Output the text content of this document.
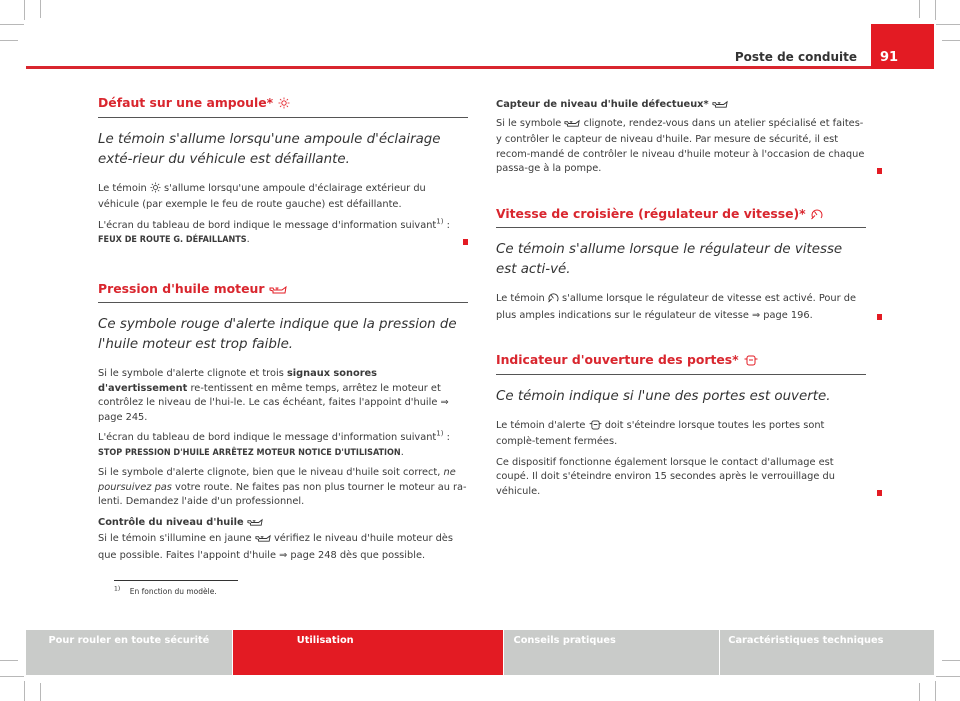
Poste de conduite	91
Défaut sur une ampoule*
Le témoin s'allume lorsqu'une ampoule d'éclairage exté-rieur du véhicule est défaillante.

Le témoin s'allume lorsqu'une ampoule d'éclairage extérieur du véhicule (par exemple le feu de route gauche) est défaillante.

L'écran du tableau de bord indique le message d'information suivant$^{1)}$ :
FEUX DE ROUTE G. DÉFAILLANTS.

Pression d'huile moteur
Ce symbole rouge d'alerte indique que la pression de l'huile moteur est trop faible.

Si le symbole d'alerte clignote et trois signaux sonores d'avertissement re-tentissent en même temps, arrêtez le moteur et contrôlez le niveau de l'hui-le. Le cas échéant, faites l'appoint d'huile ⇒ page 245.

L'écran du tableau de bord indique le message d'information suivant$^{1)}$ :
STOP PRESSION D'HUILE ARRÊTEZ MOTEUR NOTICE D'UTILISATION.

Si le symbole d'alerte clignote, bien que le niveau d'huile soit correct, ne poursuivez pas votre route. Ne faites pas non plus tourner le moteur au ra-lenti. Demandez l'aide d'un professionnel.

Contrôle du niveau d'huile

Si le témoin s'illumine en jaune vérifiez le niveau d'huile moteur dès que possible. Faites l'appoint d'huile ⇒ page 248 dès que possible.

Capteur de niveau d'huile défectueux*

Si le symbole clignote, rendez-vous dans un atelier spécialisé et faites-y contrôler le capteur de niveau d'huile. Par mesure de sécurité, il est recom-mandé de contrôler le niveau d'huile moteur à l'occasion de chaque passa-ge à la pompe.

Vitesse de croisière (régulateur de vitesse)*
Ce témoin s'allume lorsque le régulateur de vitesse est acti-vé.

Le témoin s'allume lorsque le régulateur de vitesse est activé. Pour de plus amples indications sur le régulateur de vitesse ⇒ page 196.

Indicateur d'ouverture des portes*
Ce témoin indique si l'une des portes est ouverte.

Le témoin d'alerte doit s'éteindre lorsque toutes les portes sont complè-tement fermées.

Ce dispositif fonctionne également lorsque le contact d'allumage est coupé. Il doit s'éteindre environ 15 secondes après le verrouillage du véhicule.

$^{1)}$ En fonction du modèle.
Pour rouler en toute sécurité	Utilisation	Conseils pratiques	Caractéristiques techniques
